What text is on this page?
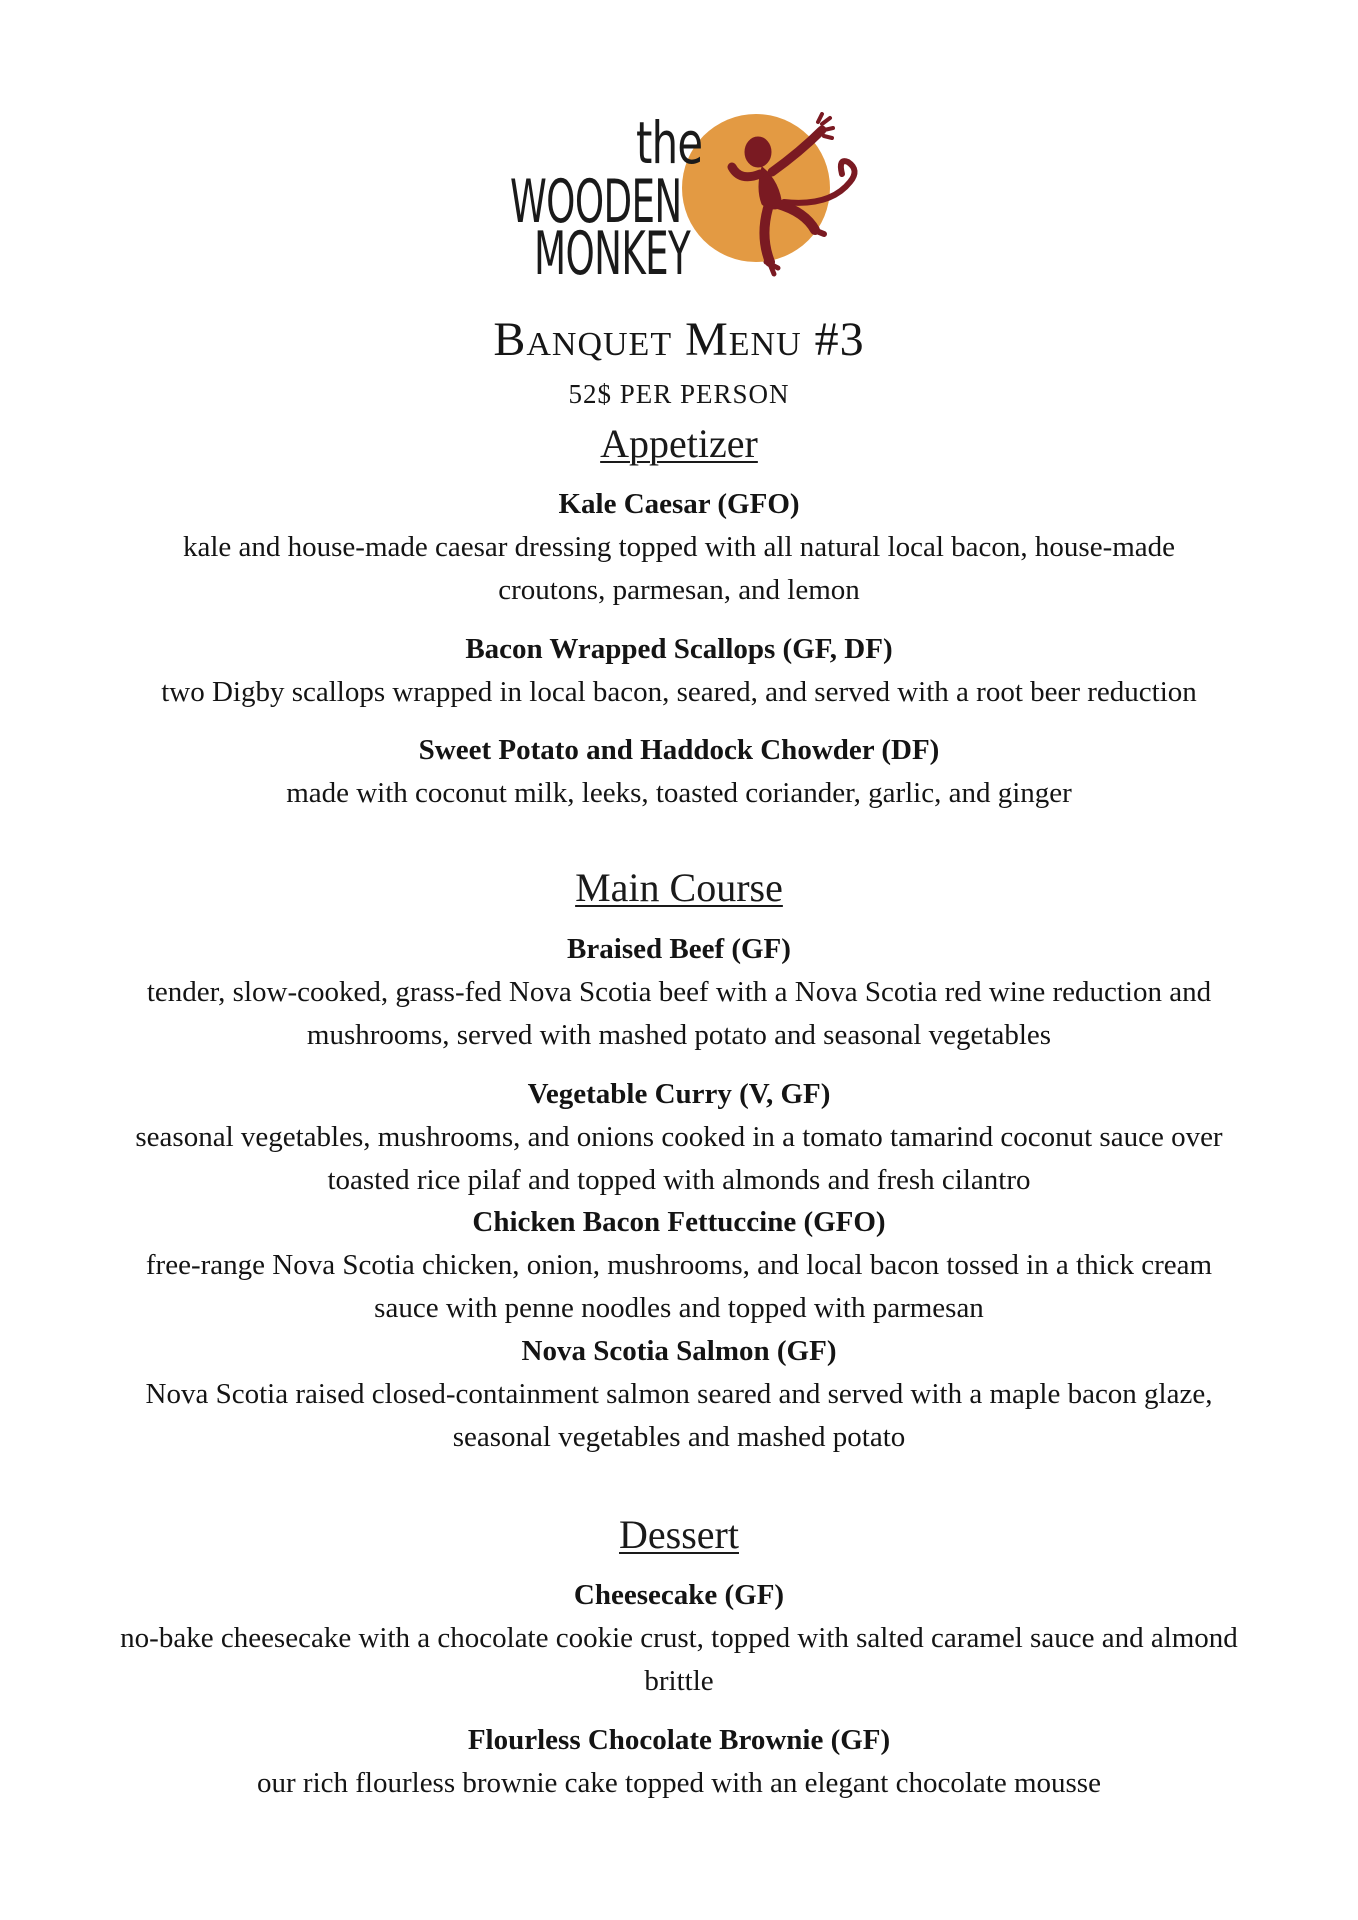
the
WOODEN
MONKEY
Banquet Menu #3
52$ PER PERSON
Appetizer
Kale Caesar (GFO)
kale and house-made caesar dressing topped with all natural local bacon, house-made croutons, parmesan, and lemon
Bacon Wrapped Scallops (GF, DF)
two Digby scallops wrapped in local bacon, seared, and served with a root beer reduction
Sweet Potato and Haddock Chowder (DF)
made with coconut milk, leeks, toasted coriander, garlic, and ginger
Main Course
Braised Beef (GF)
tender, slow-cooked, grass-fed Nova Scotia beef with a Nova Scotia red wine reduction and mushrooms, served with mashed potato and seasonal vegetables
Vegetable Curry (V, GF)
seasonal vegetables, mushrooms, and onions cooked in a tomato tamarind coconut sauce over toasted rice pilaf and topped with almonds and fresh cilantro
Chicken Bacon Fettuccine (GFO)
free-range Nova Scotia chicken, onion, mushrooms, and local bacon tossed in a thick cream sauce with penne noodles and topped with parmesan
Nova Scotia Salmon (GF)
Nova Scotia raised closed-containment salmon seared and served with a maple bacon glaze, seasonal vegetables and mashed potato
Dessert
Cheesecake (GF)
no-bake cheesecake with a chocolate cookie crust, topped with salted caramel sauce and almond brittle
Flourless Chocolate Brownie (GF)
our rich flourless brownie cake topped with an elegant chocolate mousse
